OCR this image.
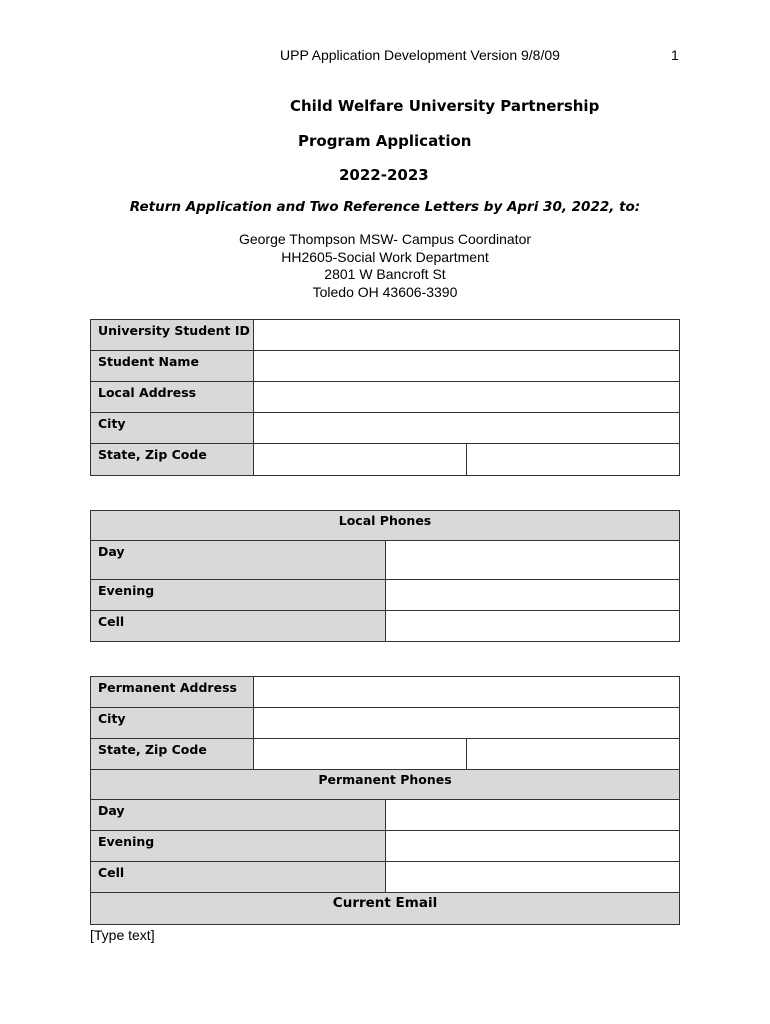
UPP Application Development Version 9/8/09	1
Child Welfare University Partnership
Program Application
2022-2023
Return Application and Two Reference Letters by Apri 30, 2022, to:
George Thompson MSW- Campus Coordinator
HH2605-Social Work Department
2801 W Bancroft St
Toledo OH 43606-3390
University Student ID		
Student Name		
Local Address		
City		
State, Zip Code		
Local Phones	
Day	
Evening	
Cell	
Permanent Address			
City			
State, Zip Code			
Permanent Phones			
Day			
Evening			
Cell			
Current Email			
[Type text]
